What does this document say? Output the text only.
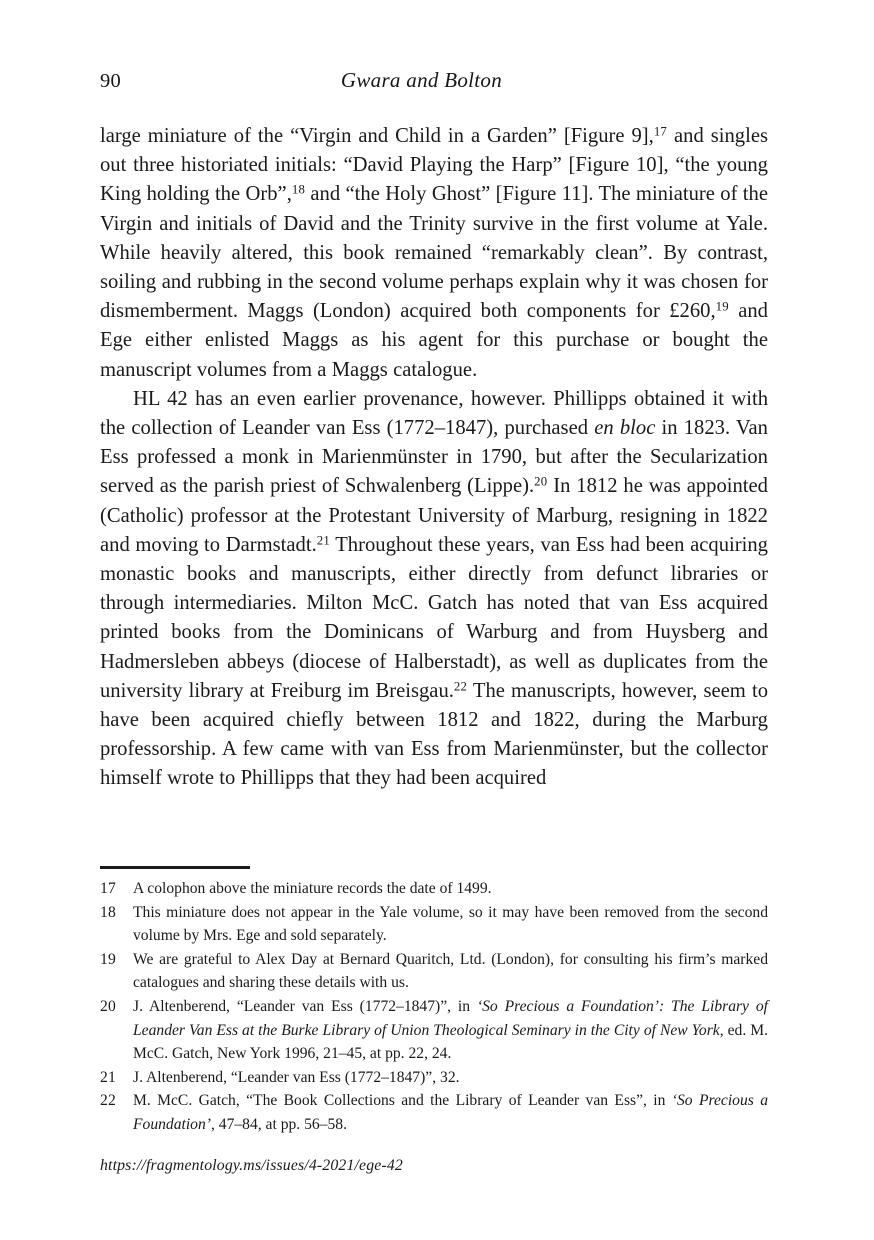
90	Gwara and Bolton

large miniature of the “Virgin and Child in a Garden” [Figure 9],$^{17}$ and singles out three historiated initials: “David Playing the Harp” [Figure 10], “the young King holding the Orb”,$^{18}$ and “the Holy Ghost” [Figure 11]. The miniature of the Virgin and initials of David and the Trinity survive in the first volume at Yale. While heavily altered, this book remained “remarkably clean”. By contrast, soiling and rubbing in the second volume perhaps explain why it was chosen for dismemberment. Maggs (London) acquired both components for £260,19 and Ege either enlisted Maggs as his agent for this purchase or bought the manuscript volumes from a Maggs catalogue.

HL 42 has an even earlier provenance, however. Phillipps obtained it with the collection of Leander van Ess (1772–1847), purchased en bloc in 1823. Van Ess professed a monk in Marienmünster in 1790, but after the Secularization served as the parish priest of Schwalenberg (Lippe).$^{20}$ In 1812 he was appointed (Catholic) professor at the Protestant University of Marburg, resigning in 1822 and moving to Darmstadt.$^{21}$ Throughout these years, van Ess had been acquiring monastic books and manuscripts, either directly from defunct libraries or through intermediaries. Milton McC. Gatch has noted that van Ess acquired printed books from the Dominicans of Warburg and from Huysberg and Hadmersleben abbeys (diocese of Halberstadt), as well as duplicates from the university library at Freiburg im Breisgau.$^{22}$ The manuscripts, however, seem to have been acquired chiefly between 1812 and 1822, during the Marburg professorship. A few came with van Ess from Marienmünster, but the collector himself wrote to Phillipps that they had been acquired

17	A colophon above the miniature records the date of 1499.
18	This miniature does not appear in the Yale volume, so it may have been removed from the second volume by Mrs. Ege and sold separately.
19	We are grateful to Alex Day at Bernard Quaritch, Ltd. (London), for consulting his firm’s marked catalogues and sharing these details with us.
20	J. Altenberend, “Leander van Ess (1772–1847)”, in ‘So Precious a Foundation’: The Library of Leander Van Ess at the Burke Library of Union Theological Seminary in the City of New York, ed. M. McC. Gatch, New York 1996, 21–45, at pp. 22, 24.
21	J. Altenberend, “Leander van Ess (1772–1847)”, 32.
22	M. McC. Gatch, “The Book Collections and the Library of Leander van Ess”, in ‘So Precious a Foundation’, 47–84, at pp. 56–58.
https://fragmentology.ms/issues/4-2021/ege-42
